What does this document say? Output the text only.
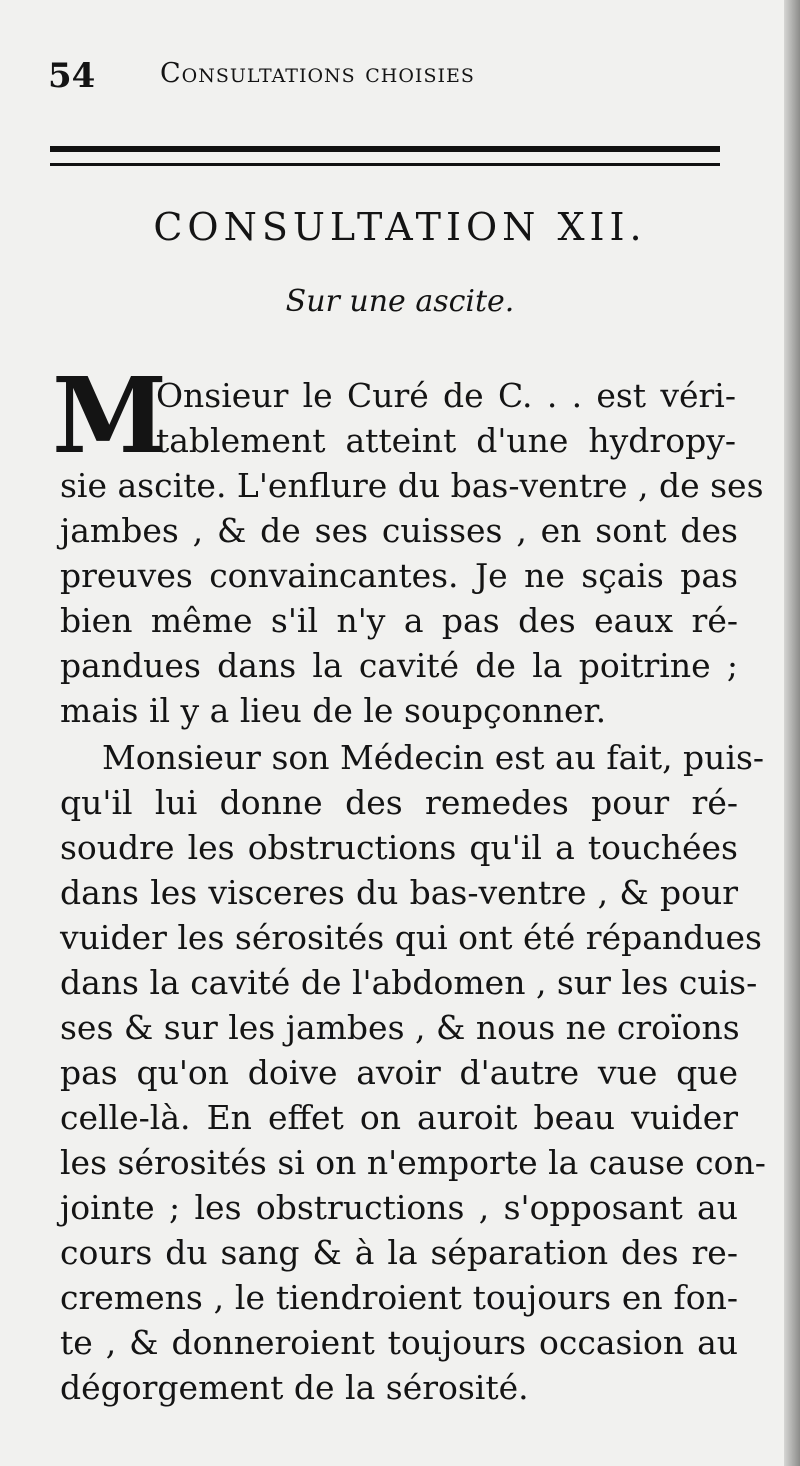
54 Consultations choisies
CONSULTATION XII.
Sur une ascite.
M
Onsieur le Curé de C. . . est véri-
tablement atteint d'une hydropy-
sie ascite. L'enflure du bas-ventre , de ses
jambes , & de ses cuisses , en sont des
preuves convaincantes. Je ne sçais pas
bien même s'il n'y a pas des eaux ré-
pandues dans la cavité de la poitrine ;
mais il y a lieu de le soupçonner.
Monsieur son Médecin est au fait, puis-
qu'il lui donne des remedes pour ré-
soudre les obstructions qu'il a touchées
dans les visceres du bas-ventre , & pour
vuider les sérosités qui ont été répandues
dans la cavité de l'abdomen , sur les cuis-
ses & sur les jambes , & nous ne croïons
pas qu'on doive avoir d'autre vue que
celle-là. En effet on auroit beau vuider
les sérosités si on n'emporte la cause con-
jointe ; les obstructions , s'opposant au
cours du sang & à la séparation des re-
cremens , le tiendroient toujours en fon-
te , & donneroient toujours occasion au
dégorgement de la sérosité.
